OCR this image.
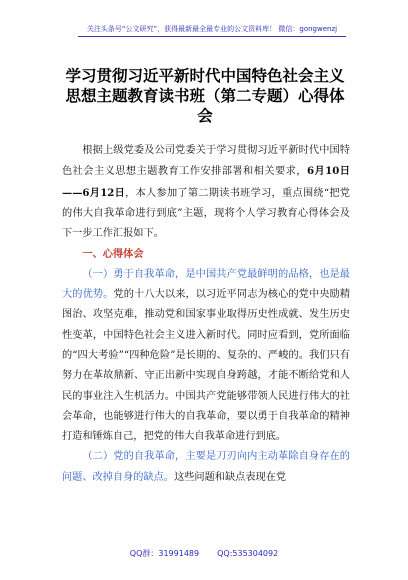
关注头条号“公文研究”，获得最新最全最专业的公文资料库！ 微信：gongwenzj
学习贯彻习近平新时代中国特色社会主义思想主题教育读书班（第二专题）心得体会

根据上级党委及公司党委关于学习贯彻习近平新时代中国特色社会主义思想主题教育工作安排部署和相关要求，6月10日——6月12日，本人参加了第二期读书班学习，重点围绕“把党的伟大自我革命进行到底”主题，现将个人学习教育心得体会及下一步工作汇报如下。

一、心得体会

（一）勇于自我革命，是中国共产党最鲜明的品格，也是最大的优势。党的十八大以来，以习近平同志为核心的党中央励精图治、攻坚克难，推动党和国家事业取得历史性成就、发生历史性变革，中国特色社会主义进入新时代。同时应看到，党所面临的“四大考验”“四种危险”是长期的、复杂的、严峻的。我们只有努力在革故鼎新、守正出新中实现自身跨越，才能不断给党和人民的事业注入生机活力。中国共产党能够带领人民进行伟大的社会革命，也能够进行伟大的自我革命，要以勇于自我革命的精神打造和锤炼自己，把党的伟大自我革命进行到底。

（二）党的自我革命，主要是刀刃向内主动革除自身存在的问题、改掉自身的缺点。这些问题和缺点表现在党

QQ群：31991489 QQ:535304092
